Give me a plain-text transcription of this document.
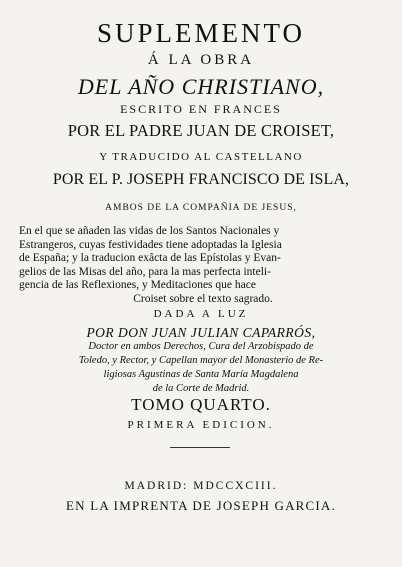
SUPLEMENTO
Á LA OBRA
DEL AÑO CHRISTIANO,
ESCRITO EN FRANCES
POR EL PADRE JUAN DE CROISET,
Y TRADUCIDO AL CASTELLANO
POR EL P. JOSEPH FRANCISCO DE ISLA,
AMBOS DE LA COMPAÑIA DE JESUS,
En el que se añaden las vidas de los Santos Nacionales y
Estrangeros, cuyas festividades tiene adoptadas la Iglesia
de España; y la traducion exâcta de las Epístolas y Evan-
gelios de las Misas del año, para la mas perfecta inteli-
gencia de las Reflexiones, y Meditaciones que hace
Croiset sobre el texto sagrado.
DADA A LUZ
POR DON JUAN JULIAN CAPARRÓS,
Doctor en ambos Derechos, Cura del Arzobispado de
Toledo, y Rector, y Capellan mayor del Monasterio de Re-
ligiosas Agustinas de Santa María Magdalena
de la Corte de Madrid.
TOMO QUARTO.
PRIMERA EDICION.
MADRID: MDCCXCIII.
EN LA IMPRENTA DE JOSEPH GARCIA.
